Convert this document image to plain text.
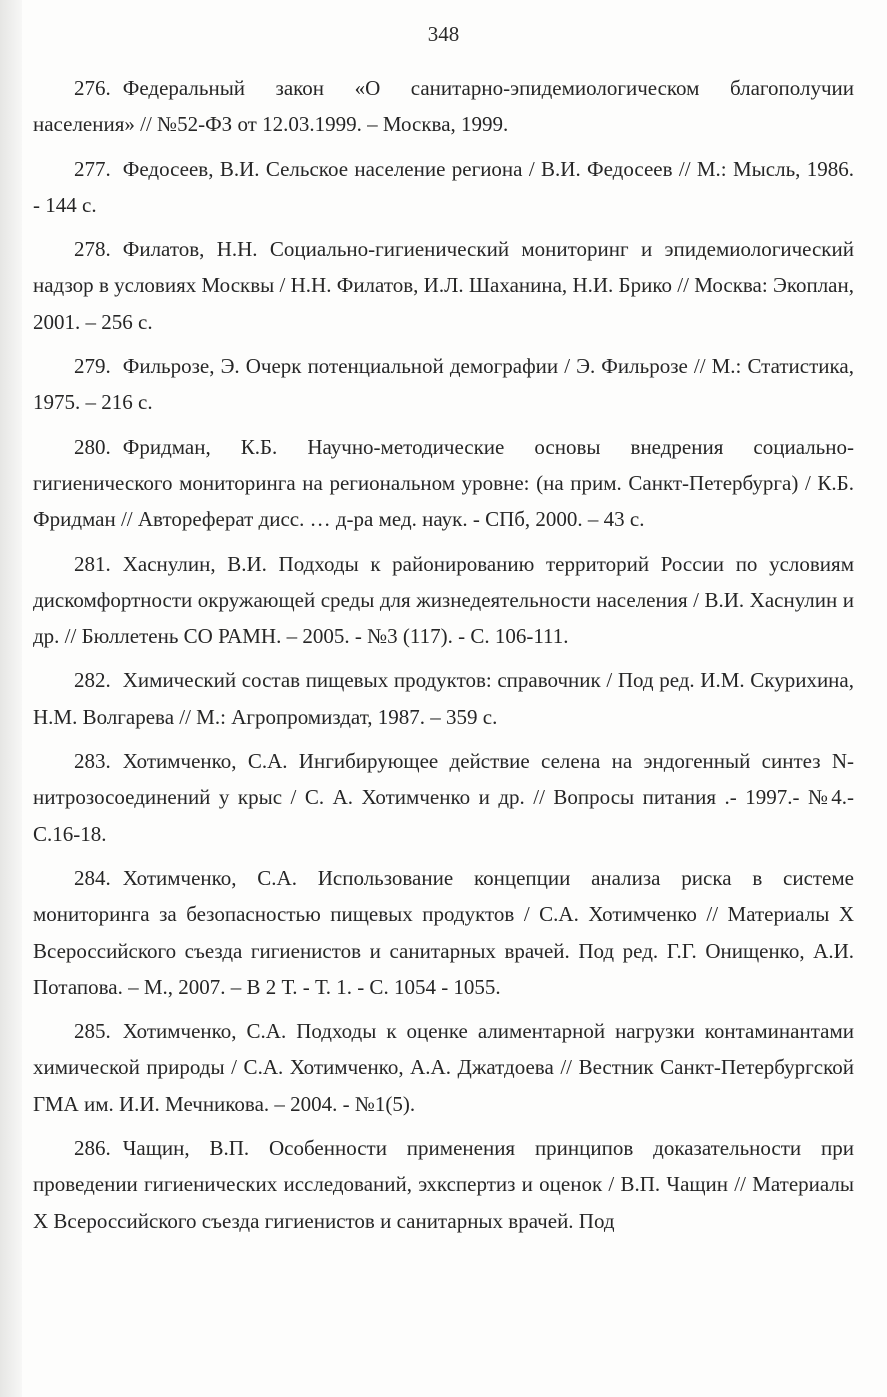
348

276. Федеральный закон «О санитарно-эпидемиологическом благополучии населения» // №52-ФЗ от 12.03.1999. – Москва, 1999.
277. Федосеев, В.И. Сельское население региона / В.И. Федосеев // М.: Мысль, 1986. - 144 с.
278. Филатов, Н.Н. Социально-гигиенический мониторинг и эпидемиологический надзор в условиях Москвы / Н.Н. Филатов, И.Л. Шаханина, Н.И. Брико // Москва: Экоплан, 2001. – 256 с.
279. Фильрозе, Э. Очерк потенциальной демографии / Э. Фильрозе // М.: Статистика, 1975. – 216 с.
280. Фридман, К.Б. Научно-методические основы внедрения социально-гигиенического мониторинга на региональном уровне: (на прим. Санкт-Петербурга) / К.Б. Фридман // Автореферат дисс. … д-ра мед. наук. - СПб, 2000. – 43 с.
281. Хаснулин, В.И. Подходы к районированию территорий России по условиям дискомфортности окружающей среды для жизнедеятельности населения / В.И. Хаснулин и др. // Бюллетень СО РАМН. – 2005. - №3 (117). - С. 106-111.
282. Химический состав пищевых продуктов: справочник / Под ред. И.М. Скурихина, Н.М. Волгарева // М.: Агропромиздат, 1987. – 359 с.
283. Хотимченко, С.А. Ингибирующее действие селена на эндогенный синтез N-нитрозосоединений у крыс / С. А. Хотимченко и др. // Вопросы питания .- 1997.- №4.- С.16-18.
284. Хотимченко, С.А. Использование концепции анализа риска в системе мониторинга за безопасностью пищевых продуктов / С.А. Хотимченко // Материалы X Всероссийского съезда гигиенистов и санитарных врачей. Под ред. Г.Г. Онищенко, А.И. Потапова. – М., 2007. – В 2 Т. - Т. 1. - С. 1054 - 1055.
285. Хотимченко, С.А. Подходы к оценке алиментарной нагрузки контаминантами химической природы / С.А. Хотимченко, А.А. Джатдоева // Вестник Санкт-Петербургской ГМА им. И.И. Мечникова. – 2004. - №1(5).
286. Чащин, В.П. Особенности применения принципов доказательности при проведении гигиенических исследований, эхкспертиз и оценок / В.П. Чащин // Материалы X Всероссийского съезда гигиенистов и санитарных врачей. Под
